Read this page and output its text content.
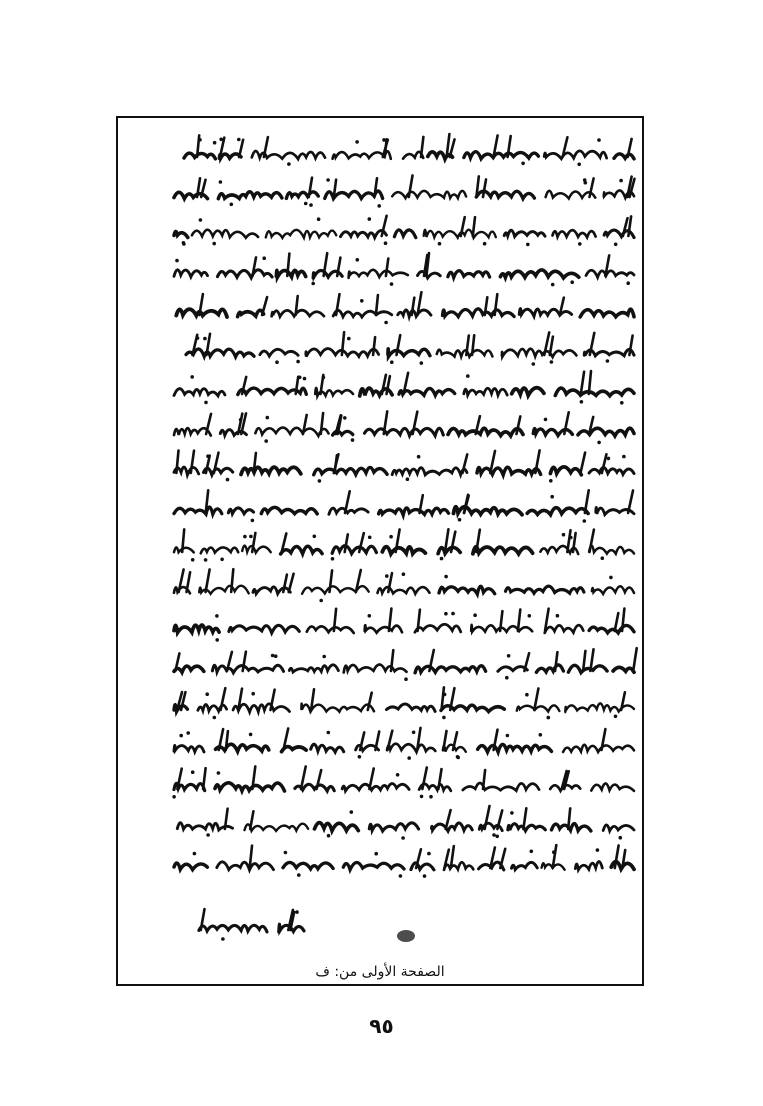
الصفحة الأولى من: ف
٩٥
